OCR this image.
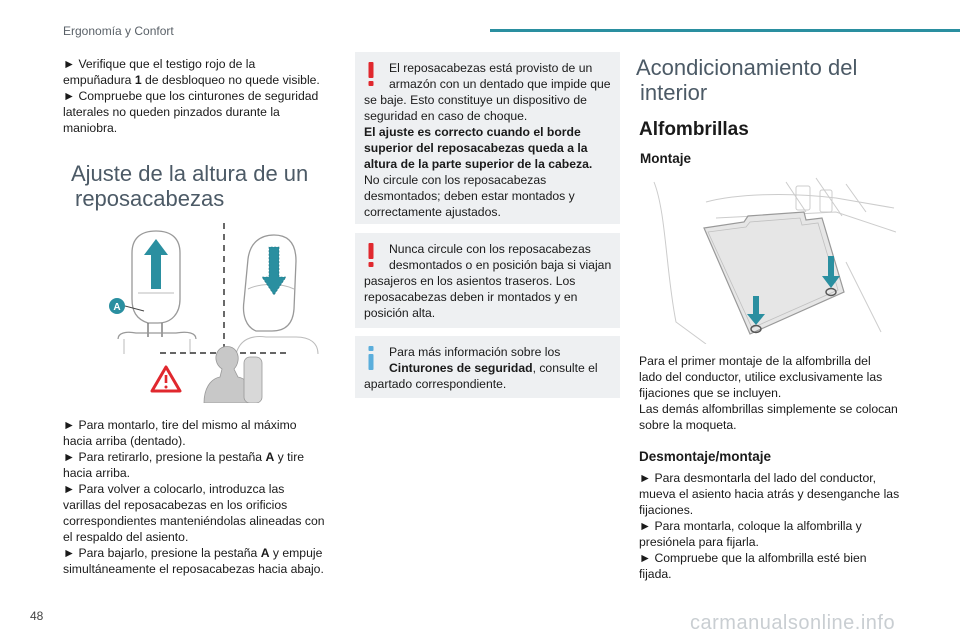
Ergonomía y Confort
► Verifique que el testigo rojo de la
empuñadura 1 de desbloqueo no quede visible.
► Compruebe que los cinturones de seguridad
laterales no queden pinzados durante la
maniobra.
Ajuste de la altura de un
reposacabezas
A
► Para montarlo, tire del mismo al máximo
hacia arriba (dentado).
► Para retirarlo, presione la pestaña A y tire
hacia arriba.
► Para volver a colocarlo, introduzca las
varillas del reposacabezas en los orificios
correspondientes manteniéndolas alineadas con
el respaldo del asiento.
► Para bajarlo, presione la pestaña A y empuje
simultáneamente el reposacabezas hacia abajo.
El reposacabezas está provisto de un
armazón con un dentado que impide que
se baje. Esto constituye un dispositivo de
seguridad en caso de choque.
El ajuste es correcto cuando el borde
superior del reposacabezas queda a la
altura de la parte superior de la cabeza.
No circule con los reposacabezas
desmontados; deben estar montados y
correctamente ajustados.
Nunca circule con los reposacabezas
desmontados o en posición baja si viajan
pasajeros en los asientos traseros. Los
reposacabezas deben ir montados y en
posición alta.
Para más información sobre los
Cinturones de seguridad, consulte el
apartado correspondiente.
Acondicionamiento del
interior
Alfombrillas
Montaje
Para el primer montaje de la alfombrilla del
lado del conductor, utilice exclusivamente las
fijaciones que se incluyen.
Las demás alfombrillas simplemente se colocan
sobre la moqueta.
Desmontaje/montaje
► Para desmontarla del lado del conductor,
mueva el asiento hacia atrás y desenganche las
fijaciones.
► Para montarla, coloque la alfombrilla y
presiónela para fijarla.
► Compruebe que la alfombrilla esté bien
fijada.
48	carmanualsonline.info
